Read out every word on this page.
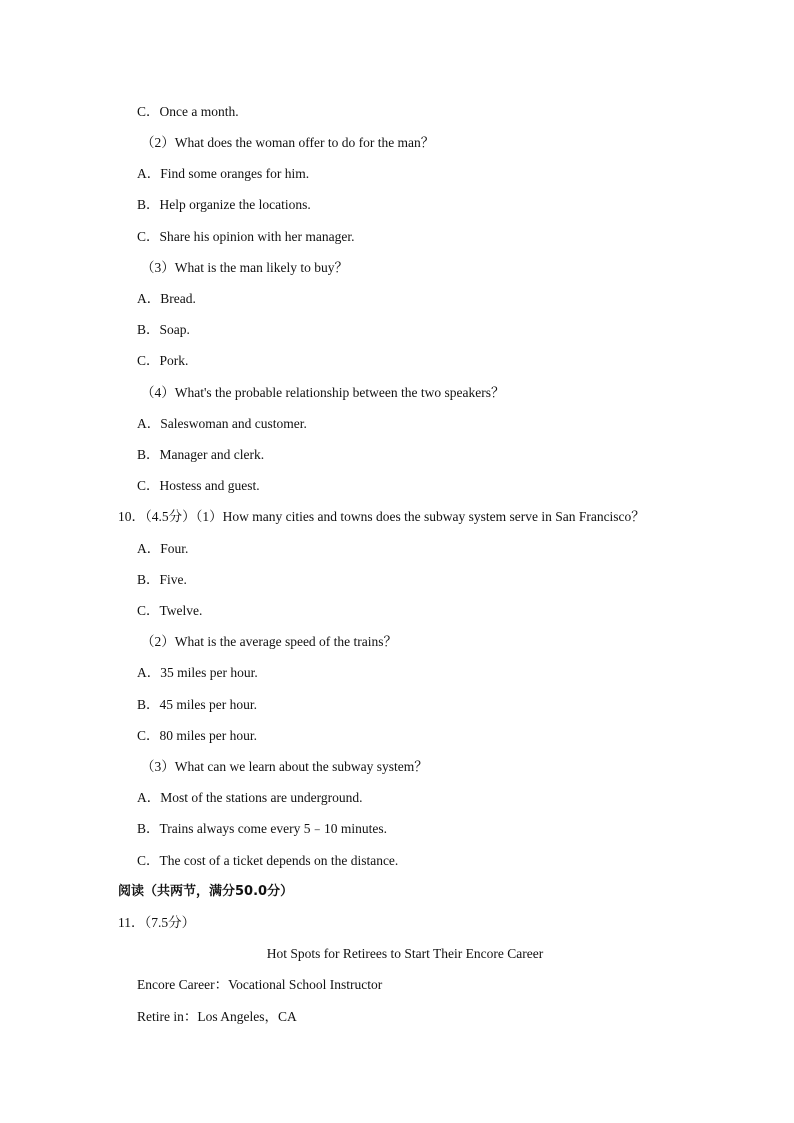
C．Once a month.
（2）What does the woman offer to do for the man？
A．Find some oranges for him.
B．Help organize the locations.
C．Share his opinion with her manager.
（3）What is the man likely to buy？
A．Bread.
B．Soap.
C．Pork.
（4）What's the probable relationship between the two speakers？
A．Saleswoman and customer.
B．Manager and clerk.
C．Hostess and guest.
10．（4.5分）（1）How many cities and towns does the subway system serve in San Francisco？
A．Four.
B．Five.
C．Twelve.
（2）What is the average speed of the trains？
A．35 miles per hour.
B．45 miles per hour.
C．80 miles per hour.
（3）What can we learn about the subway system？
A．Most of the stations are underground.
B．Trains always come every 5﹣10 minutes.
C．The cost of a ticket depends on the distance.
阅读（共两节，满分50.0分）
11．（7.5分）
Hot Spots for Retirees to Start Their Encore Career
Encore Career：Vocational School Instructor
Retire in：Los Angeles，CA
